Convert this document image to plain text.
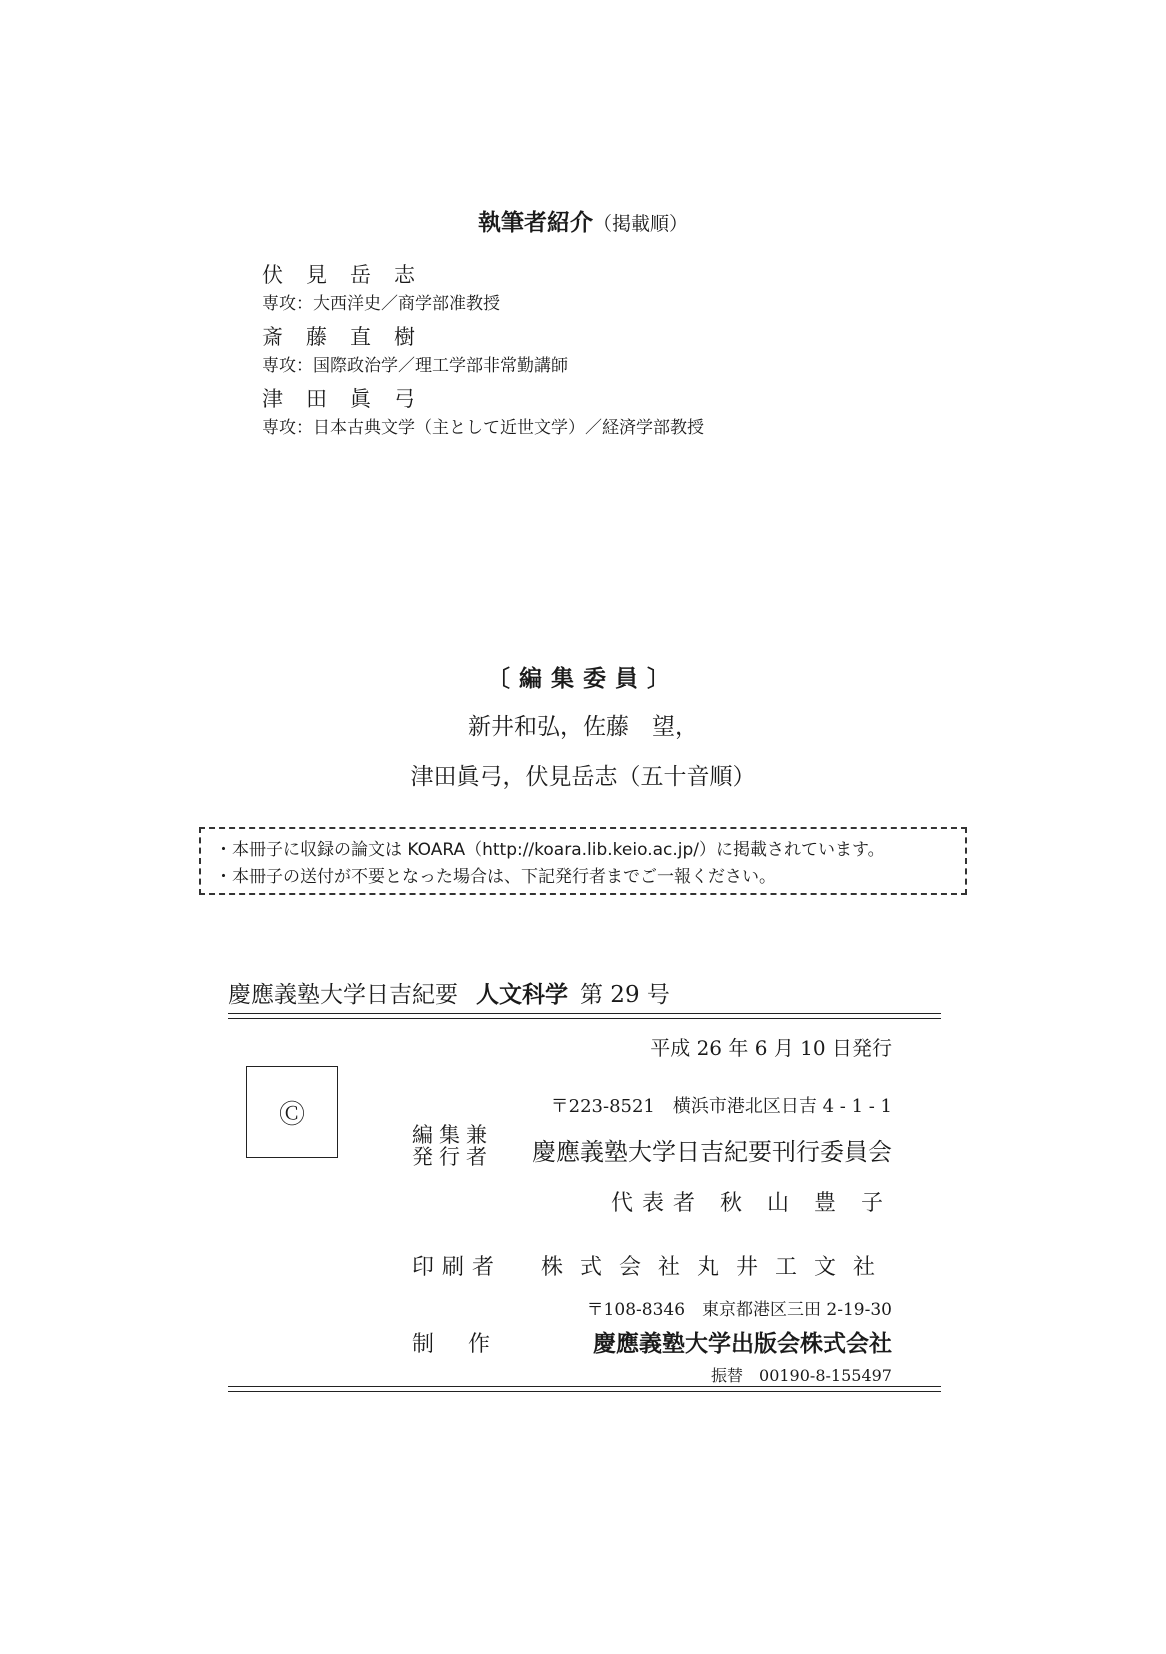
執筆者紹介（掲載順）
伏見岳志
専攻：大西洋史／商学部准教授
斎藤直樹
専攻：国際政治学／理工学部非常勤講師
津田眞弓
専攻：日本古典文学（主として近世文学）／経済学部教授
〔編集委員〕
新井和弘，佐藤　望，
津田眞弓，伏見岳志（五十音順）
・本冊子に収録の論文は KOARA（http://koara.lib.keio.ac.jp/）に掲載されています。
・本冊子の送付が不要となった場合は、下記発行者までご一報ください。
慶應義塾大学日吉紀要 人文科学 第 29 号
平成 26 年 6 月 10 日発行
Ⓒ	〒223-8521　横浜市港北区日吉 4 - 1 - 1
編集兼
発行者	慶應義塾大学日吉紀要刊行委員会
代表者 秋 山 豊 子
印刷者	株式会社丸井工文社
〒108-8346　東京都港区三田 2-19-30
制作	慶應義塾大学出版会株式会社
振替　00190-8-155497
